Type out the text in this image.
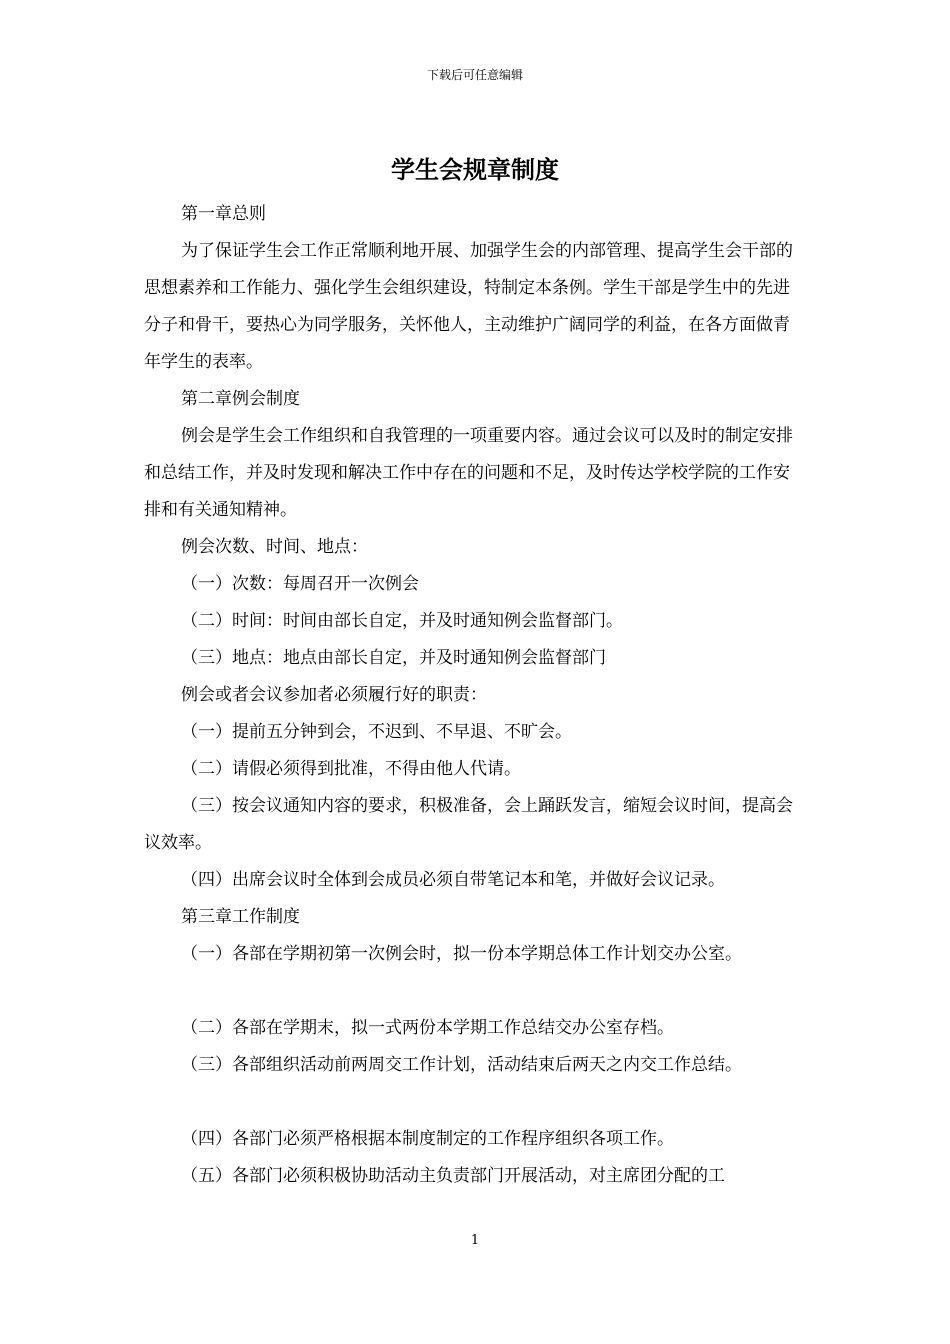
下载后可任意编辑
学生会规章制度

第一章总则

为了保证学生会工作正常顺利地开展、加强学生会的内部管理、提高学生会干部的思想素养和工作能力、强化学生会组织建设，特制定本条例。学生干部是学生中的先进分子和骨干，要热心为同学服务，关怀他人，主动维护广阔同学的利益，在各方面做青年学生的表率。

第二章例会制度

例会是学生会工作组织和自我管理的一项重要内容。通过会议可以及时的制定安排和总结工作，并及时发现和解决工作中存在的问题和不足，及时传达学校学院的工作安排和有关通知精神。

例会次数、时间、地点：

（一）次数：每周召开一次例会

（二）时间：时间由部长自定，并及时通知例会监督部门。

（三）地点：地点由部长自定，并及时通知例会监督部门

例会或者会议参加者必须履行好的职责：

（一）提前五分钟到会，不迟到、不早退、不旷会。

（二）请假必须得到批准，不得由他人代请。

（三）按会议通知内容的要求，积极准备，会上踊跃发言，缩短会议时间，提高会议效率。

（四）出席会议时全体到会成员必须自带笔记本和笔，并做好会议记录。

第三章工作制度

（一）各部在学期初第一次例会时，拟一份本学期总体工作计划交办公室。

（二）各部在学期末，拟一式两份本学期工作总结交办公室存档。

（三）各部组织活动前两周交工作计划，活动结束后两天之内交工作总结。

（四）各部门必须严格根据本制度制定的工作程序组织各项工作。

（五）各部门必须积极协助活动主负责部门开展活动，对主席团分配的工

1
